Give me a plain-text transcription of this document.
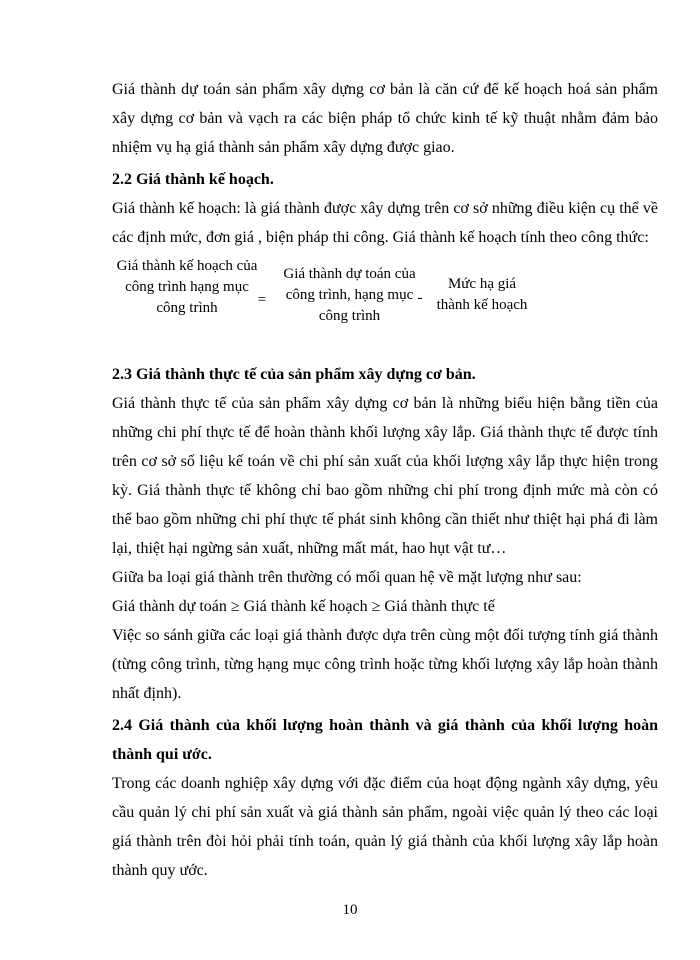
Giá thành dự toán sản phẩm xây dựng cơ bản là căn cứ để kế hoạch hoá sản phẩm xây dựng cơ bản và vạch ra các biện pháp tổ chức kinh tế kỹ thuật nhằm đảm bảo nhiệm vụ hạ giá thành sản phẩm xây dựng được giao.

2.2 Giá thành kế hoạch.

Giá thành kế hoạch: là giá thành được xây dựng trên cơ sở những điều kiện cụ thể về các định mức, đơn giá , biện pháp thi công. Giá thành kế hoạch tính theo công thức:

Giá thành kế hoạch của công trình hạng mục công trình	=
Giá thành dự toán của công trình, hạng mục công trình
-
Mức hạ giá thành kế hoạch

2.3 Giá thành thực tế của sản phẩm xây dựng cơ bản.

Giá thành thực tế của sản phẩm xây dựng cơ bản là những biểu hiện bằng tiền của những chi phí thực tế để hoàn thành khối lượng xây lắp. Giá thành thực tế được tính trên cơ sở số liệu kế toán về chi phí sản xuất của khối lượng xây lắp thực hiện trong kỳ. Giá thành thực tế không chỉ bao gồm những chi phí trong định mức mà còn có thể bao gồm những chi phí thực tế phát sinh không cần thiết như thiệt hại phá đi làm lại, thiệt hại ngừng sản xuất, những mất mát, hao hụt vật tư…

Giữa ba loại giá thành trên thường có mối quan hệ về mặt lượng như sau:

Giá thành dự toán ≥ Giá thành kế hoạch ≥ Giá thành thực tế

Việc so sánh giữa các loại giá thành được dựa trên cùng một đối tượng tính giá thành (từng công trình, từng hạng mục công trình hoặc từng khối lượng xây lắp hoàn thành nhất định).

2.4 Giá thành của khối lượng hoàn thành và giá thành của khối lượng hoàn thành qui ước.

Trong các doanh nghiệp xây dựng với đặc điểm của hoạt động ngành xây dựng, yêu cầu quản lý chi phí sản xuất và giá thành sản phẩm, ngoài việc quản lý theo các loại giá thành trên đòi hỏi phải tính toán, quản lý giá thành của khối lượng xây lắp hoàn thành quy ước.

10
